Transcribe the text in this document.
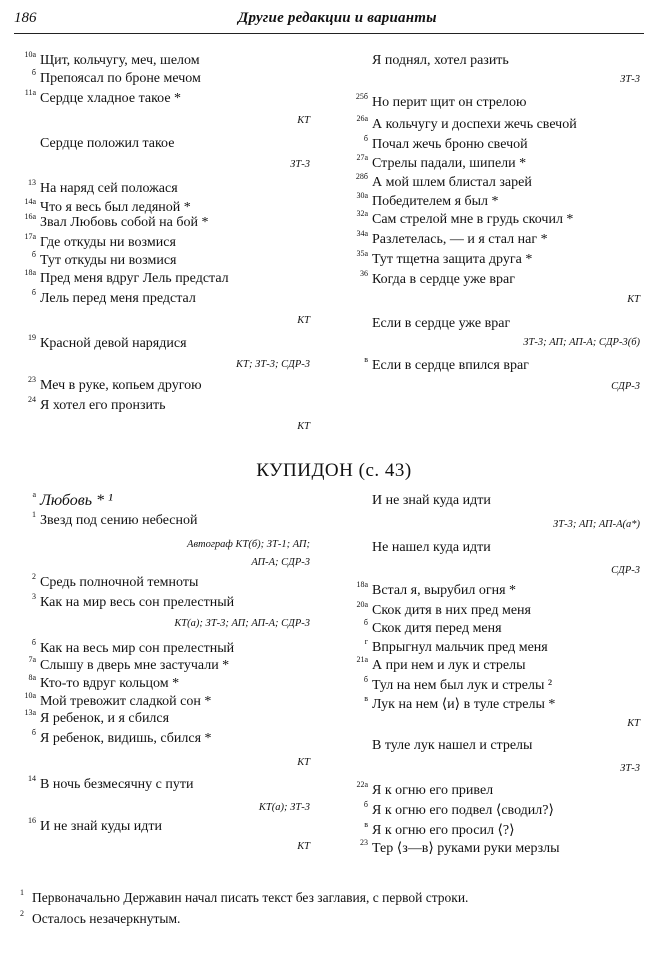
186	Другие редакции и варианты
10а Щит, кольчугу, меч, шелом
б Препоясал по броне мечом
11а Сердце хладное такое *
КТ
Сердце положил такое
ЗТ-3
13 На наряд сей положася
14а Что я весь был ледяной *
16а Звал Любовь собой на бой *
17а Где откуды ни возмися
б Тут откуды ни возмися
18а Пред меня вдруг Лель предстал
б Лель перед меня предстал
КТ
19 Красной девой нарядися
КТ; ЗТ-3; СДР-3
23 Меч в руке, копьем другою
24 Я хотел его пронзить
КТ
Я поднял, хотел разить
ЗТ-3
25б Но перит щит он стрелою
26а А кольчугу и доспехи жечь свечой
б Почал жечь броню свечой
27а Стрелы падали, шипели *
28б А мой шлем блистал зарей
30а Победителем я был *
32а Сам стрелой мне в грудь скочил *
34а Разлетелась, — и я стал наг *
35а Тут тщетна защита друга *
36 Когда в сердце уже враг
КТ
Если в сердце уже враг
ЗТ-3; АП; АП-А; СДР-3(б)
в Если в сердце впился враг
СДР-3
КУПИДОН (с. 43)
а Любовь * ¹
1 Звезд под сению небесной
Автограф КТ(б); ЗТ-1; АП;
АП-А; СДР-3
2 Средь полночной темноты
3 Как на мир весь сон прелестный
КТ(а); ЗТ-3; АП; АП-А; СДР-3
б Как на весь мир сон прелестный
7а Слышу в дверь мне застучали *
8а Кто-то вдруг кольцом *
10а Мой тревожит сладкой сон *
13а Я ребенок, и я сбился
б Я ребенок, видишь, сбился *
КТ
14 В ночь безмесячну с пути
КТ(а); ЗТ-3
16 И не знай куды идти
КТ
И не знай куда идти
ЗТ-3; АП; АП-А(а*)
Не нашел куда идти
СДР-3
18а Встал я, вырубил огня *
20а Скок дитя в них пред меня
б Скок дитя перед меня
г Впрыгнул мальчик пред меня
21а А при нем и лук и стрелы
б Тул на нем был лук и стрелы ²
в Лук на нем ⟨и⟩ в туле стрелы *
КТ
В туле лук нашел и стрелы
ЗТ-3
22а Я к огню его привел
б Я к огню его подвел ⟨сводил?⟩
в Я к огню его просил ⟨?⟩
23 Тер ⟨з—в⟩ руками руки мерзлы
1 Первоначально Державин начал писать текст без заглавия, с первой строки.
2 Осталось незачеркнутым.
